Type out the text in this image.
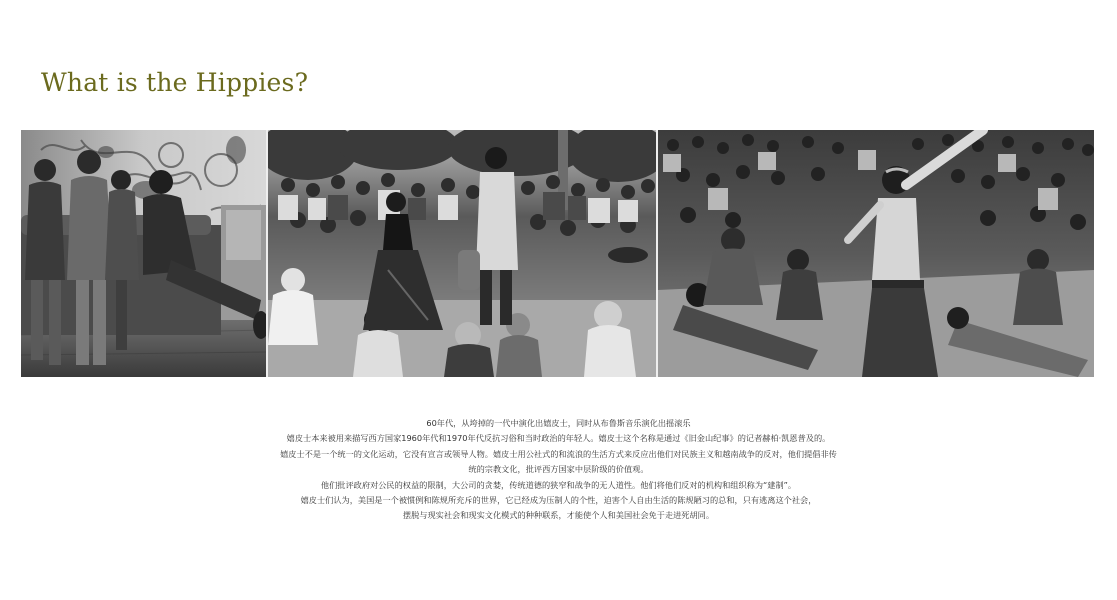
What is the Hippies?
60年代，从垮掉的一代中演化出嬉皮士，同时从布鲁斯音乐演化出摇滚乐
嬉皮士本来被用来描写西方国家1960年代和1970年代反抗习俗和当时政治的年轻人。嬉皮士这个名称是通过《旧金山纪事》的记者赫柏·凯恩普及的。
嬉皮士不是一个统一的文化运动，它没有宣言或领导人物。嬉皮士用公社式的和流浪的生活方式来反应出他们对民族主义和越南战争的反对，他们提倡非传
统的宗教文化，批评西方国家中层阶级的价值观。
他们批评政府对公民的权益的限制，大公司的贪婪，传统道德的狭窄和战争的无人道性。他们将他们反对的机构和组织称为“建制”。
嬉皮士们认为，美国是一个被惯例和陈规所充斥的世界，它已经成为压制人的个性，迫害个人自由生活的陈规陋习的总和，只有逃离这个社会，
摆脱与现实社会和现实文化模式的种种联系，才能使个人和美国社会免于走进死胡同。
